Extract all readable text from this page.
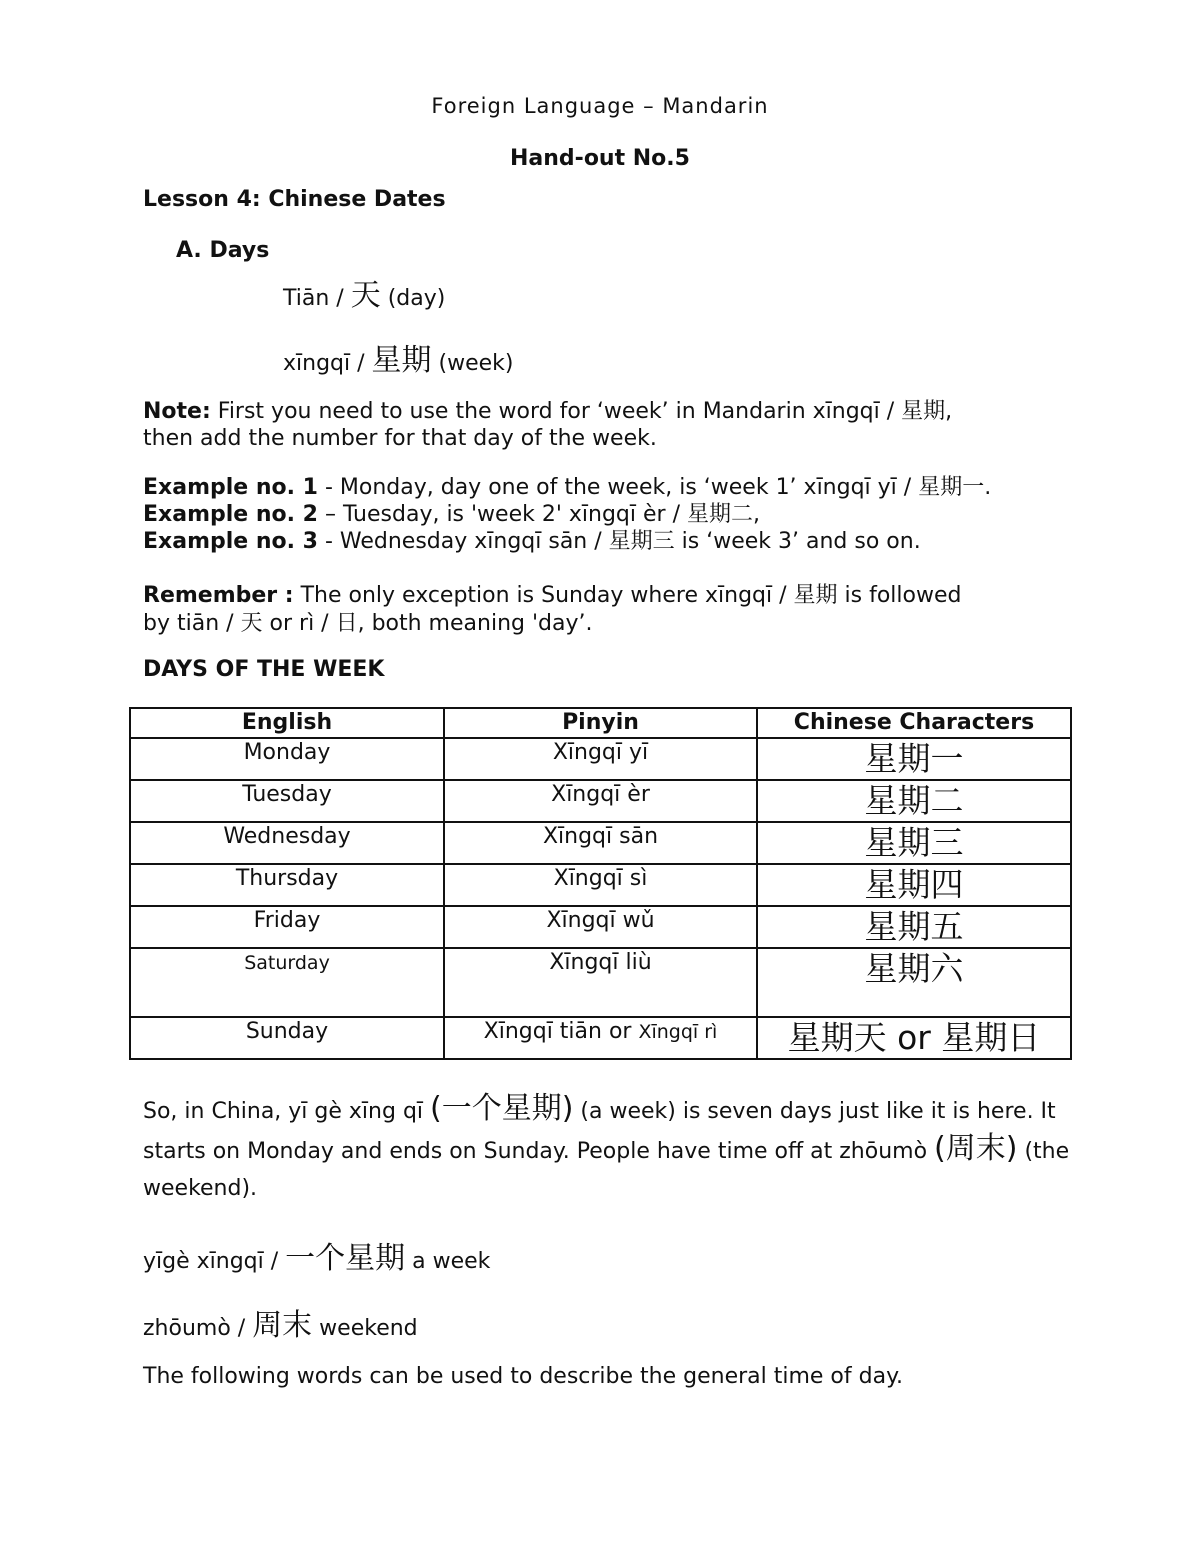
Foreign Language – Mandarin
Hand-out No.5
Lesson 4: Chinese Dates
A. Days
Tiān / 天 (day)
xīngqī / 星期 (week)
Note: First you need to use the word for ‘week’ in Mandarin xīngqī / 星期,
then add the number for that day of the week.
Example no. 1 - Monday, day one of the week, is ‘week 1’ xīngqī yī / 星期一.
Example no. 2 – Tuesday, is 'week 2' xīngqī èr / 星期二,
Example no. 3 - Wednesday xīngqī sān / 星期三 is ‘week 3’ and so on.
Remember : The only exception is Sunday where xīngqī / 星期 is followed
by tiān / 天 or rì / 日, both meaning 'day’.
DAYS OF THE WEEK
English	Pinyin	Chinese Characters
Monday	Xīngqī yī	星期一
Tuesday	Xīngqī èr	星期二
Wednesday	Xīngqī sān	星期三
Thursday	Xīngqī sì	星期四
Friday	Xīngqī wǔ	星期五
Saturday	Xīngqī liù	星期六
Sunday	Xīngqī tiān or Xīngqī rì	星期天 or 星期日
So, in China, yī gè xīng qī (一个星期) (a week) is seven days just like it is here. It starts on Monday and ends on Sunday. People have time off at zhōumò (周末) (the weekend).
yīgè xīngqī / 一个星期 a week
zhōumò / 周末 weekend
The following words can be used to describe the general time of day.
